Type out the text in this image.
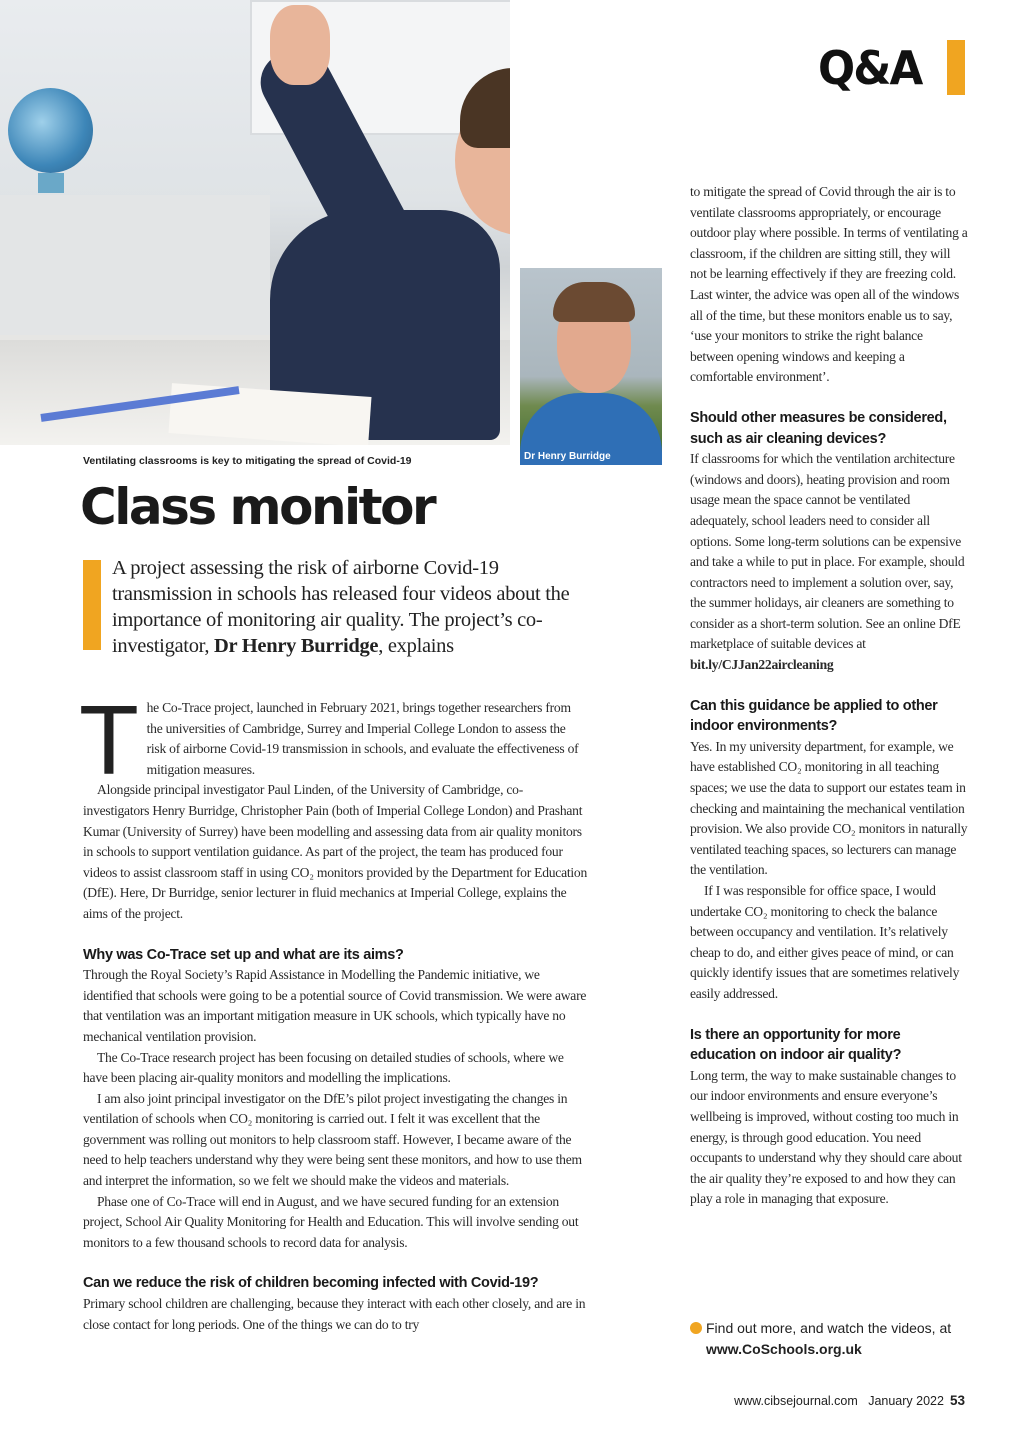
Dr Henry Burridge
Q&A
Ventilating classrooms is key to mitigating the spread of Covid-19
Class monitor
A project assessing the risk of airborne Covid-19 transmission in schools has released four videos about the importance of monitoring air quality. The project’s co-investigator, Dr Henry Burridge, explains

The Co-Trace project, launched in February 2021, brings together researchers from the universities of Cambridge, Surrey and Imperial College London to assess the risk of airborne Covid-19 transmission in schools, and evaluate the effectiveness of mitigation measures.

Alongside principal investigator Paul Linden, of the University of Cambridge, co-investigators Henry Burridge, Christopher Pain (both of Imperial College London) and Prashant Kumar (University of Surrey) have been modelling and assessing data from air quality monitors in schools to support ventilation guidance. As part of the project, the team has produced four videos to assist classroom staff in using CO₂ monitors provided by the Department for Education (DfE). Here, Dr Burridge, senior lecturer in fluid mechanics at Imperial College, explains the aims of the project.

Why was Co-Trace set up and what are its aims?

Through the Royal Society’s Rapid Assistance in Modelling the Pandemic initiative, we identified that schools were going to be a potential source of Covid transmission. We were aware that ventilation was an important mitigation measure in UK schools, which typically have no mechanical ventilation provision.

The Co-Trace research project has been focusing on detailed studies of schools, where we have been placing air-quality monitors and modelling the implications.

I am also joint principal investigator on the DfE’s pilot project investigating the changes in ventilation of schools when CO₂ monitoring is carried out. I felt it was excellent that the government was rolling out monitors to help classroom staff. However, I became aware of the need to help teachers understand why they were being sent these monitors, and how to use them and interpret the information, so we felt we should make the videos and materials.

Phase one of Co-Trace will end in August, and we have secured funding for an extension project, School Air Quality Monitoring for Health and Education. This will involve sending out monitors to a few thousand schools to record data for analysis.

Can we reduce the risk of children becoming infected with Covid-19?

Primary school children are challenging, because they interact with each other closely, and are in close contact for long periods. One of the things we can do to try

to mitigate the spread of Covid through the air is to ventilate classrooms appropriately, or encourage outdoor play where possible. In terms of ventilating a classroom, if the children are sitting still, they will not be learning effectively if they are freezing cold. Last winter, the advice was open all of the windows all of the time, but these monitors enable us to say, ‘use your monitors to strike the right balance between opening windows and keeping a comfortable environment’.

Should other measures be considered, such as air cleaning devices?

If classrooms for which the ventilation architecture (windows and doors), heating provision and room usage mean the space cannot be ventilated adequately, school leaders need to consider all options. Some long-term solutions can be expensive and take a while to put in place. For example, should contractors need to implement a solution over, say, the summer holidays, air cleaners are something to consider as a short-term solution. See an online DfE marketplace of suitable devices at bit.ly/CJJan22aircleaning

Can this guidance be applied to other indoor environments?

Yes. In my university department, for example, we have established CO₂ monitoring in all teaching spaces; we use the data to support our estates team in checking and maintaining the mechanical ventilation provision. We also provide CO₂ monitors in naturally ventilated teaching spaces, so lecturers can manage the ventilation.

If I was responsible for office space, I would undertake CO₂ monitoring to check the balance between occupancy and ventilation. It’s relatively cheap to do, and either gives peace of mind, or can quickly identify issues that are sometimes relatively easily addressed.

Is there an opportunity for more education on indoor air quality?

Long term, the way to make sustainable changes to our indoor environments and ensure everyone’s wellbeing is improved, without costing too much in energy, is through good education. You need occupants to understand why they should care about the air quality they’re exposed to and how they can play a role in managing that exposure.

Find out more, and watch the videos, at
www.CoSchools.org.uk
www.cibsejournal.com January 2022 53
